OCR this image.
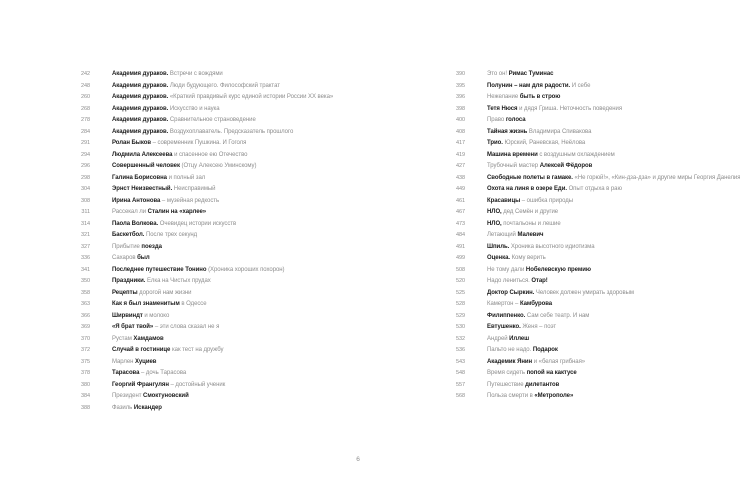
242	Академия дураков. Встречи с вождями
248	Академия дураков. Люди будующего. Философский трактат
260	Академия дураков. «Краткий правдивый курс единой истории России XX века»
268	Академия дураков. Искусство и наука
278	Академия дураков. Сравнительное страноведение
284	Академия дураков. Воздухоплаватель. Предсказатель прошлого
291	Ролан Быков – современник Пушкина. И Гоголя
294	Людмила Алексеева и спасенное ею Отечество
296	Совершенный человек (Отцу Алексею Уминскому)
298	Галина Борисовна и полный зал
304	Эрнст Неизвестный. Неисправимый
308	Ирина Антонова – музейная редкость
311	Рассекал ли Сталин на «харлее»
314	Паола Волкова. Очевидец истории искусств
321	Баскетбол. После трех секунд
327	Прибытие поезда
336	Сахаров был
341	Последнее путешествие Тонино (Хроника хороших похорон)
350	Праздники. Елка на Чистых прудах
358	Рецепты дорогой нам жизни
363	Как я был знаменитым в Одессе
366	Ширвиндт и молоко
369	«Я брат твой» – эти слова сказал не я
370	Рустам Хамдамов
372	Случай в гостинице как тест на дружбу
375	Марлен Хуциев
378	Тарасова – дочь Тарасова
380	Георгий Франгулян – достойный ученик
384	Президент Смоктуновский
388	Фазиль Искандер
390	Это он! Римас Туминас
395	Полунин – нам для радости. И себе
396	Нежелание быть в строю
398	Тетя Нюся и дядя Гриша. Неточность поведения
400	Право голоса
408	Тайная жизнь Владимира Спивакова
417	Трио. Юрский, Раневская, Неёлова
419	Машина времени с воздушным охлаждением
427	Трубочный мастер Алексей Фёдоров
438	Свободные полеты в гамаке. «Не горюй!», «Кин-дза-дза» и другие миры Георгия Данелия
449	Охота на линя в озере Еди. Опыт отдыха в раю
461	Красавицы – ошибка природы
467	НЛО, дед Семён и другие
473	НЛО, почтальоны и лешие
484	Летающий Малевич
491	Шпиль. Хроника высотного идиотизма
499	Оценка. Кому верить
508	Не тому дали Нобелевскую премию
520	Надо лениться. Отар!
525	Доктор Сыркин. Человек должен умирать здоровым
528	Камертон – Камбурова
529	Филиппенко. Сам себе театр. И нам
530	Евтушенко. Женя – поэт
532	Андрей Иллеш
536	Пальто не надо. Подарок
543	Академик Янин и «белая грибная»
548	Время сидеть попой на кактусе
557	Путешествие дилетантов
568	Польза смерти в «Метрополе»
6
